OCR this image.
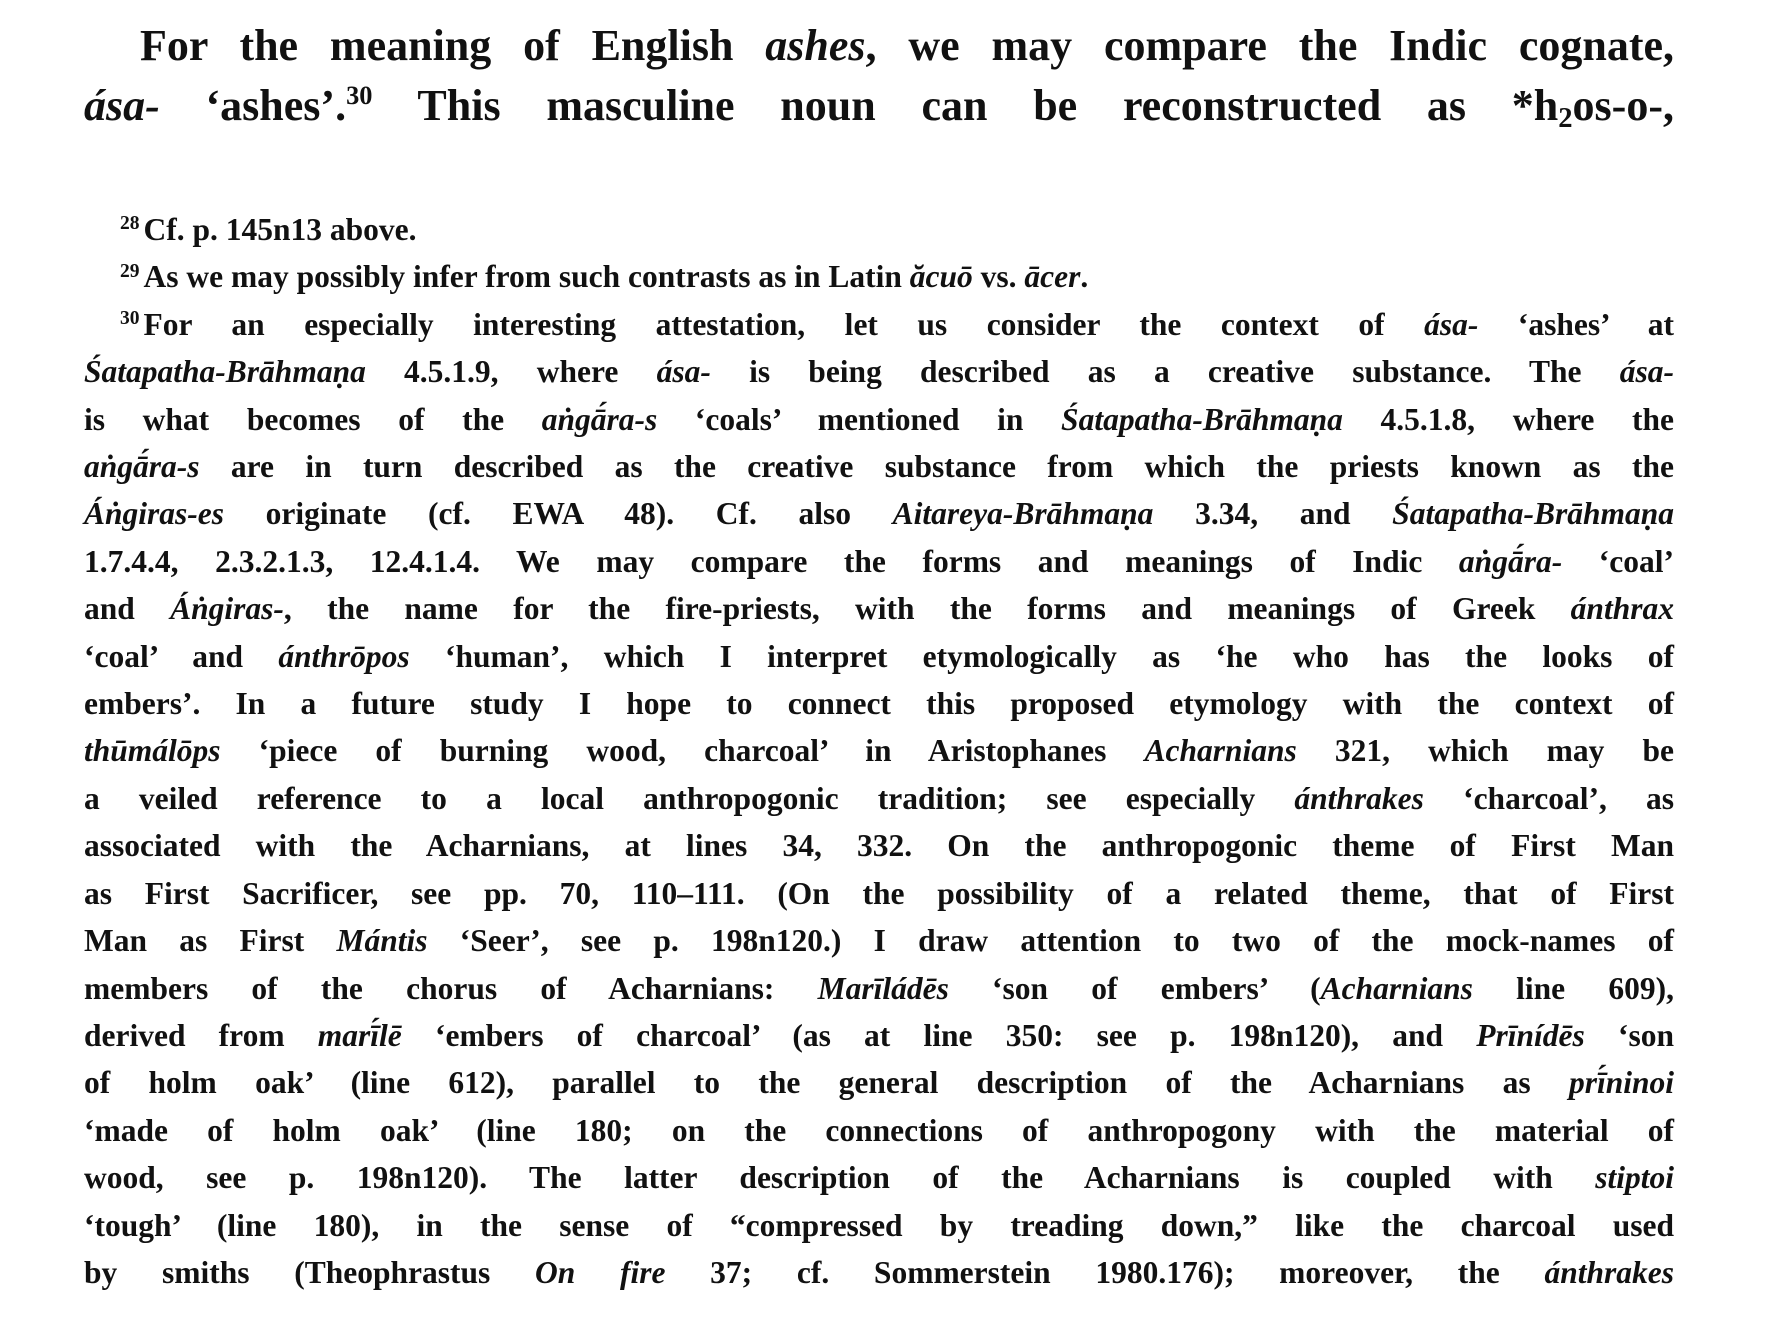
For the meaning of English ashes, we may compare the Indic cognate,
ása- ‘ashes’.$^{30}$ This masculine noun can be reconstructed as *h2os-o-,
$^{28}$ Cf. p. 145n13 above.
$^{29}$ As we may possibly infer from such contrasts as in Latin ăcuō vs. ācer.
$^{30}$ For an especially interesting attestation, let us consider the context of ása- ‘ashes’ at
Śatapatha-Brāhmaṇa 4.5.1.9, where ása- is being described as a creative substance. The ása-
is what becomes of the aṅgā́ra-s ‘coals’ mentioned in Śatapatha-Brāhmaṇa 4.5.1.8, where the
aṅgā́ra-s are in turn described as the creative substance from which the priests known as the
Áṅgiras-es originate (cf. EWA 48). Cf. also Aitareya-Brāhmaṇa 3.34, and Śatapatha-Brāhmaṇa
1.7.4.4, 2.3.2.1.3, 12.4.1.4. We may compare the forms and meanings of Indic aṅgā́ra- ‘coal’
and Áṅgiras-, the name for the fire-priests, with the forms and meanings of Greek ánthrax
‘coal’ and ánthrōpos ‘human’, which I interpret etymologically as ‘he who has the looks of
embers’. In a future study I hope to connect this proposed etymology with the context of
thūmálōps ‘piece of burning wood, charcoal’ in Aristophanes Acharnians 321, which may be
a veiled reference to a local anthropogonic tradition; see especially ánthrakes ‘charcoal’, as
associated with the Acharnians, at lines 34, 332. On the anthropogonic theme of First Man
as First Sacrificer, see pp. 70, 110–111. (On the possibility of a related theme, that of First
Man as First Mántis ‘Seer’, see p. 198n120.) I draw attention to two of the mock-names of
members of the chorus of Acharnians: Marīládēs ‘son of embers’ (Acharnians line 609),
derived from marī́lē ‘embers of charcoal’ (as at line 350: see p. 198n120), and Prīnídēs ‘son
of holm oak’ (line 612), parallel to the general description of the Acharnians as prī́ninoi
‘made of holm oak’ (line 180; on the connections of anthropogony with the material of
wood, see p. 198n120). The latter description of the Acharnians is coupled with stiptoi
‘tough’ (line 180), in the sense of “compressed by treading down,” like the charcoal used
by smiths (Theophrastus On fire 37; cf. Sommerstein 1980.176); moreover, the ánthrakes
